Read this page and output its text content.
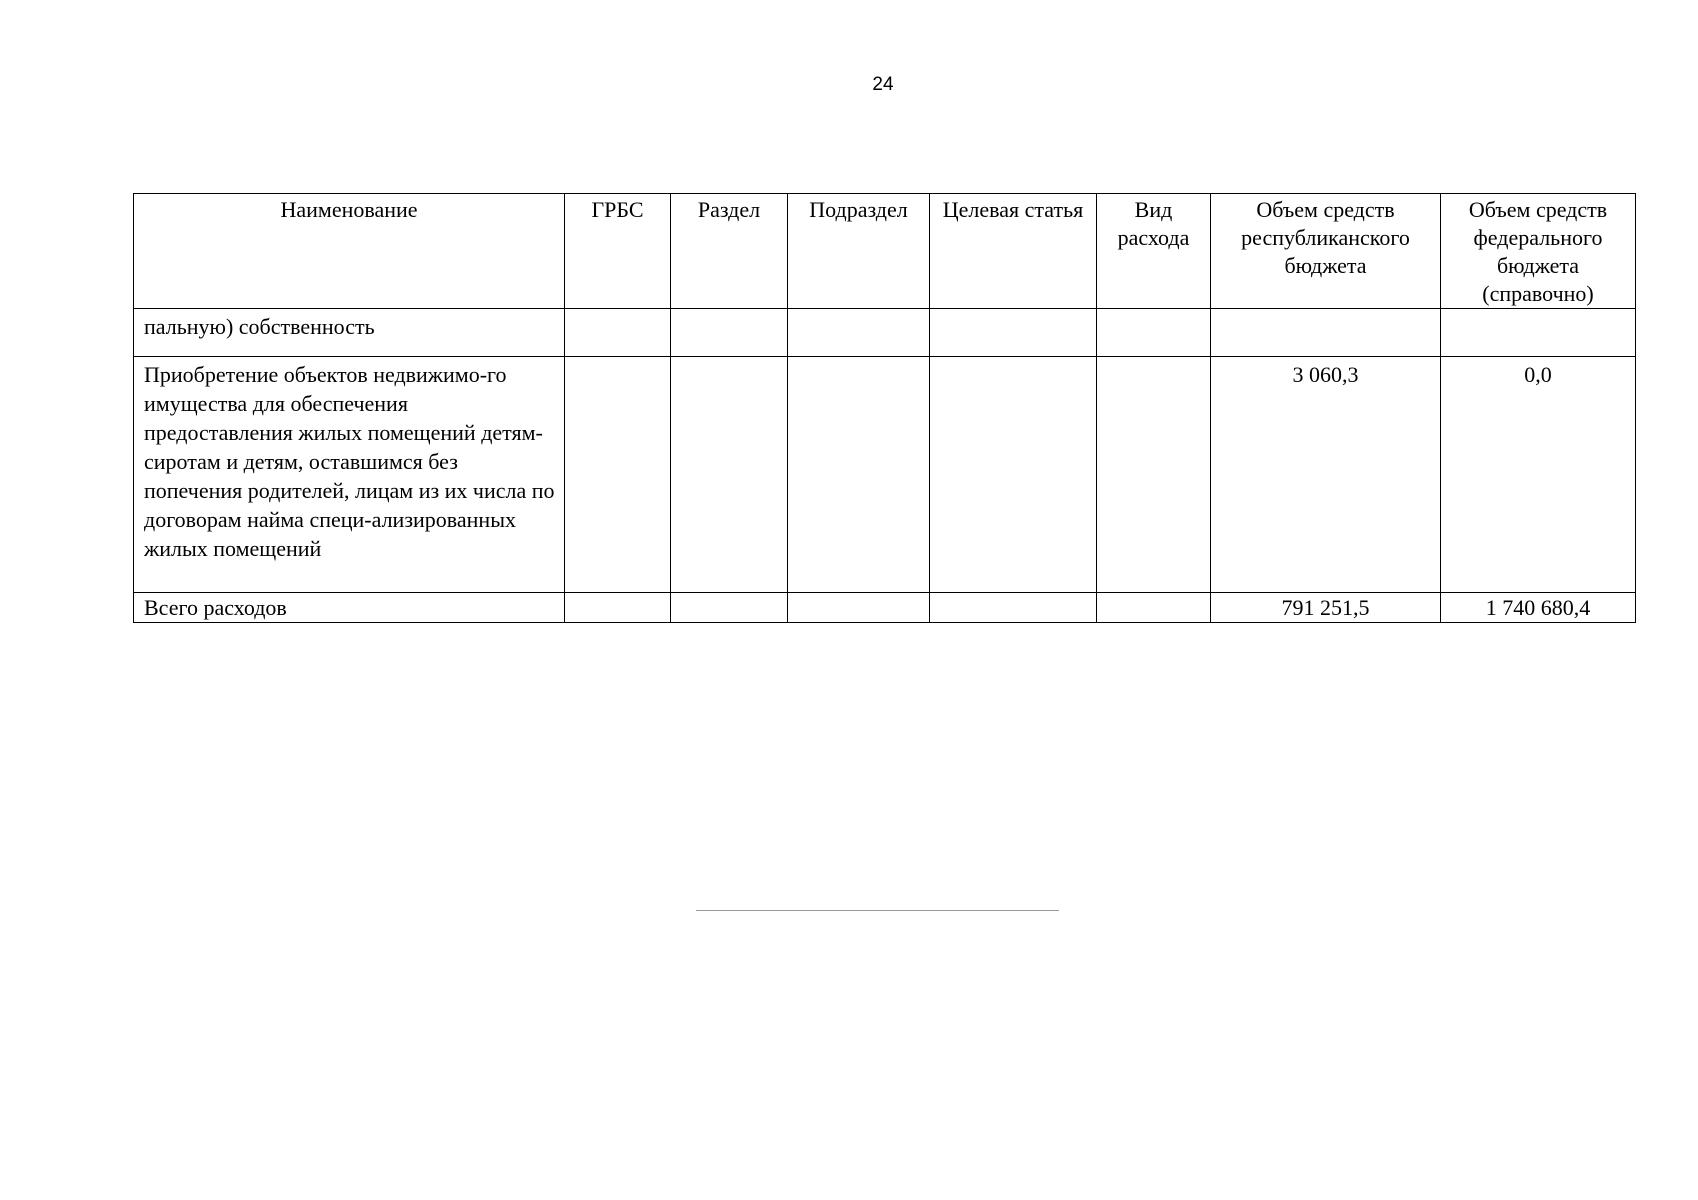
24
Наименование	ГРБС	Раздел	Подраздел	Целевая статья	Вид расхода	Объем средств республиканского бюджета	Объем средств федерального бюджета (справочно)
пальную) собственность							
Приобретение объектов недвижимо-го имущества для обеспечения предоставления жилых помещений детям-сиротам и детям, оставшимся без попечения родителей, лицам из их числа по договорам найма специ-ализированных жилых помещений						3 060,3	0,0
Всего расходов						791 251,5	1 740 680,4
